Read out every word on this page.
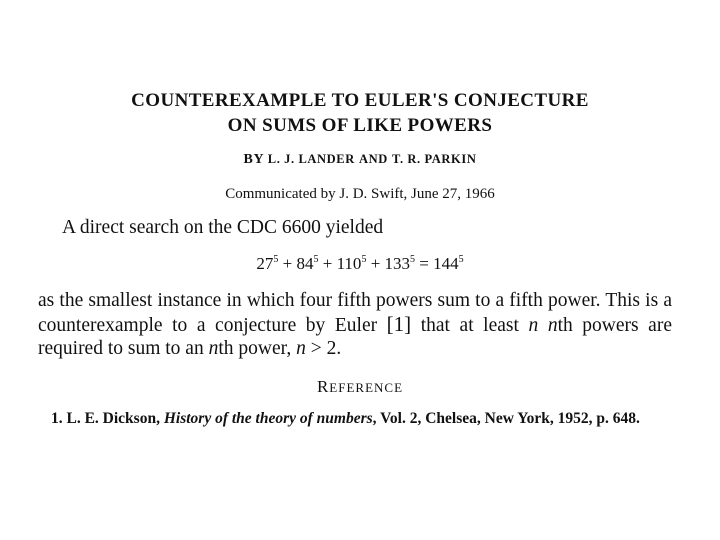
COUNTEREXAMPLE TO EULER'S CONJECTURE
ON SUMS OF LIKE POWERS
BY L. J. LANDER AND T. R. PARKIN
Communicated by J. D. Swift, June 27, 1966
A direct search on the CDC 6600 yielded
$27^5 + 84^5 + 110^5 + 133^5 = 144^5$
as the smallest instance in which four fifth powers sum to a fifth power. This is a counterexample to a conjecture by Euler [1] that at least n nth powers are required to sum to an nth power, n > 2.
REFERENCE
1. L. E. Dickson, History of the theory of numbers, Vol. 2, Chelsea, New York, 1952, p. 648.
